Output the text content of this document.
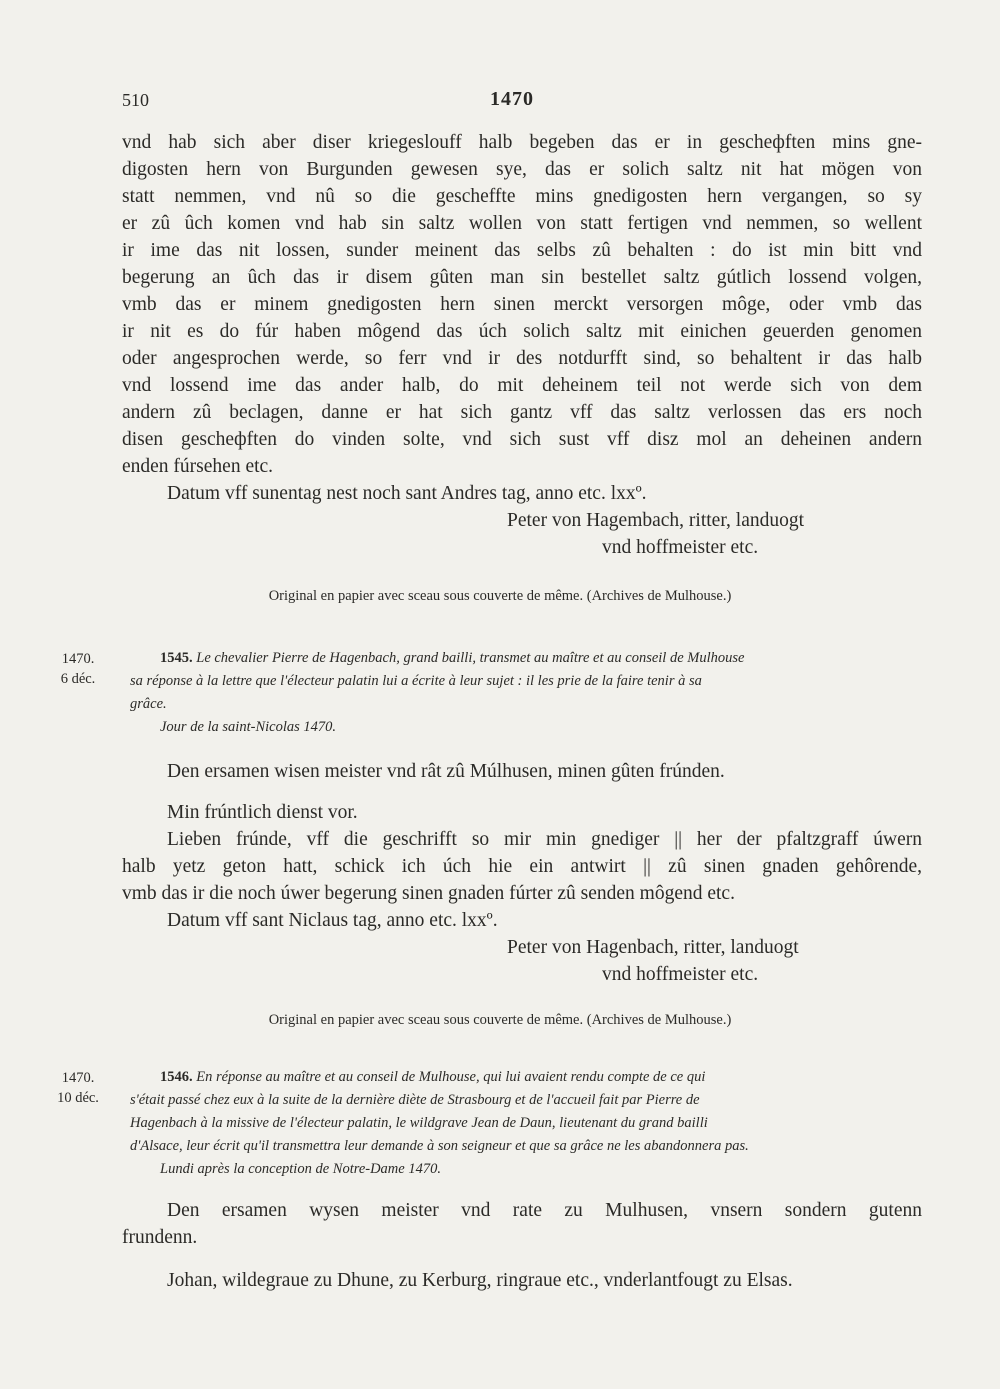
510	1470
vnd hab sich aber diser kriegeslouff halb begeben das er in gescheфften mins gne-
digosten hern von Burgunden gewesen sye, das er solich saltz nit hat mögen von
statt nemmen, vnd nû so die gescheffte mins gnedigosten hern vergangen, so sy
er zû ûch komen vnd hab sin saltz wollen von statt fertigen vnd nemmen, so wellent
ir ime das nit lossen, sunder meinent das selbs zû behalten : do ist min bitt vnd
begerung an ûch das ir disem gûten man sin bestellet saltz gútlich lossend volgen,
vmb das er minem gnedigosten hern sinen merckt versorgen môge, oder vmb das
ir nit es do fúr haben môgend das úch solich saltz mit einichen geuerden genomen
oder angesprochen werde, so ferr vnd ir des notdurfft sind, so behaltent ir das halb
vnd lossend ime das ander halb, do mit deheinem teil not werde sich von dem
andern zû beclagen, danne er hat sich gantz vff das saltz verlossen das ers noch
disen gescheфften do vinden solte, vnd sich sust vff disz mol an deheinen andern
enden fúrsehen etc.
Datum vff sunentag nest noch sant Andres tag, anno etc. lxxº.
Peter von Hagembach, ritter, landuogt
vnd hoffmeister etc.
Original en papier avec sceau sous couverte de même. (Archives de Mulhouse.)
1470.
6 déc.
1545. Le chevalier Pierre de Hagenbach, grand bailli, transmet au maître et au conseil de Mulhouse
sa réponse à la lettre que l'électeur palatin lui a écrite à leur sujet : il les prie de la faire tenir à sa
grâce.
Jour de la saint-Nicolas 1470.
Den ersamen wisen meister vnd rât zû Múlhusen, minen gûten frúnden.
Min frúntlich dienst vor.
Lieben frúnde, vff die geschrifft so mir min gnediger || her der pfaltzgraff úwern
halb yetz geton hatt, schick ich úch hie ein antwirt || zû sinen gnaden gehôrende,
vmb das ir die noch úwer begerung sinen gnaden fúrter zû senden môgend etc.
Datum vff sant Niclaus tag, anno etc. lxxº.
Peter von Hagenbach, ritter, landuogt
vnd hoffmeister etc.
Original en papier avec sceau sous couverte de même. (Archives de Mulhouse.)
1470.
10 déc.
1546. En réponse au maître et au conseil de Mulhouse, qui lui avaient rendu compte de ce qui
s'était passé chez eux à la suite de la dernière diète de Strasbourg et de l'accueil fait par Pierre de
Hagenbach à la missive de l'électeur palatin, le wildgrave Jean de Daun, lieutenant du grand bailli
d'Alsace, leur écrit qu'il transmettra leur demande à son seigneur et que sa grâce ne les abandonnera pas.
Lundi après la conception de Notre-Dame 1470.
Den ersamen wysen meister vnd rate zu Mulhusen, vnsern sondern gutenn
frundenn.
Johan, wildegraue zu Dhune, zu Kerburg, ringraue etc., vnderlantfougt zu Elsas.
